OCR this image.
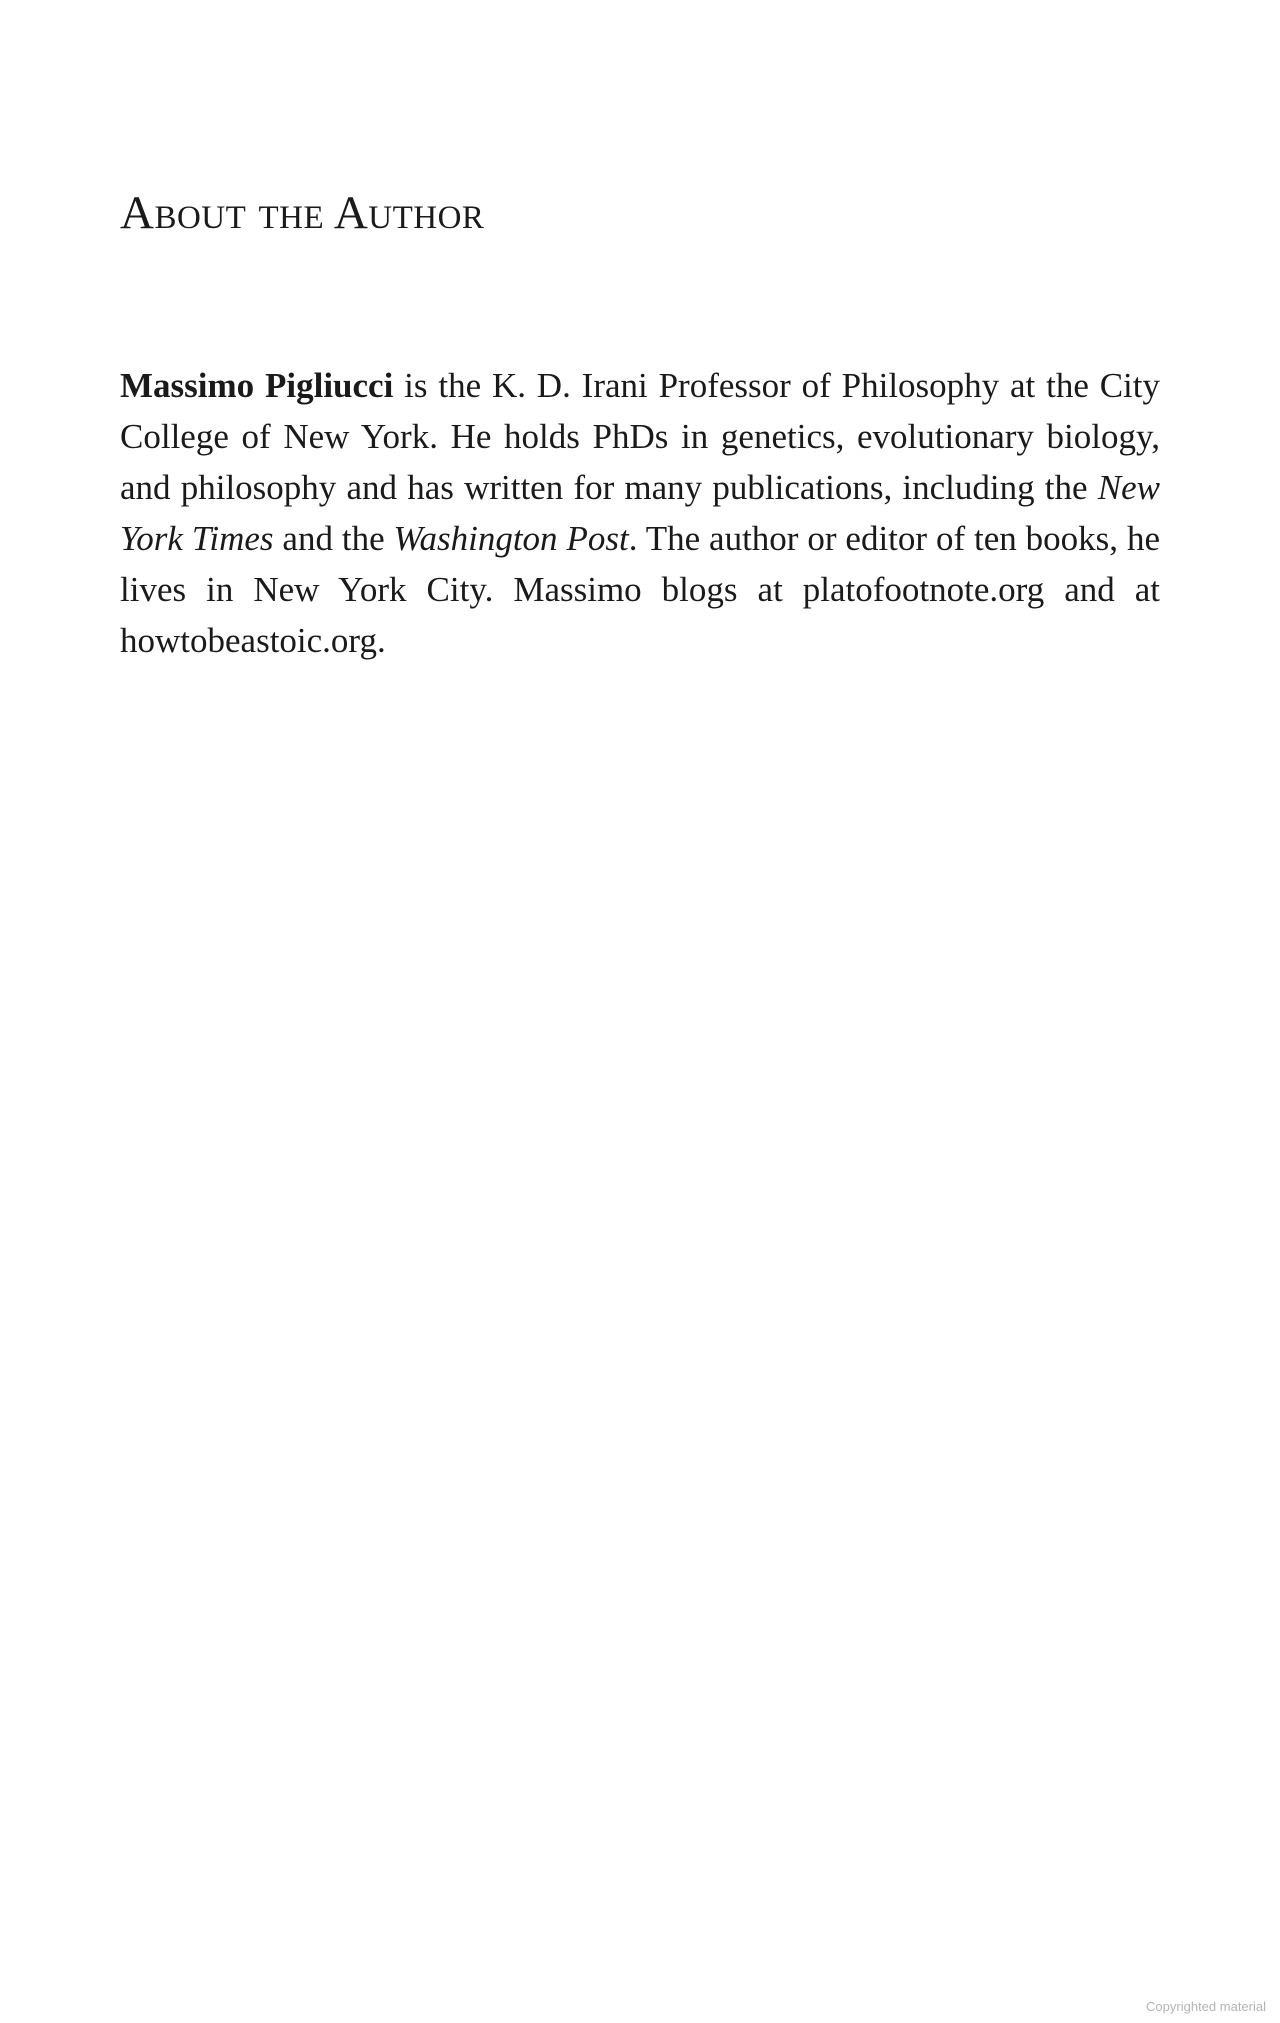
About the Author

Massimo Pigliucci is the K. D. Irani Professor of Philosophy at the City College of New York. He holds PhDs in genetics, evolutionary biology, and philosophy and has written for many publications, including the New York Times and the Washington Post. The author or editor of ten books, he lives in New York City. Massimo blogs at platofootnote.org and at howtobeastoic.org.

Copyrighted material
